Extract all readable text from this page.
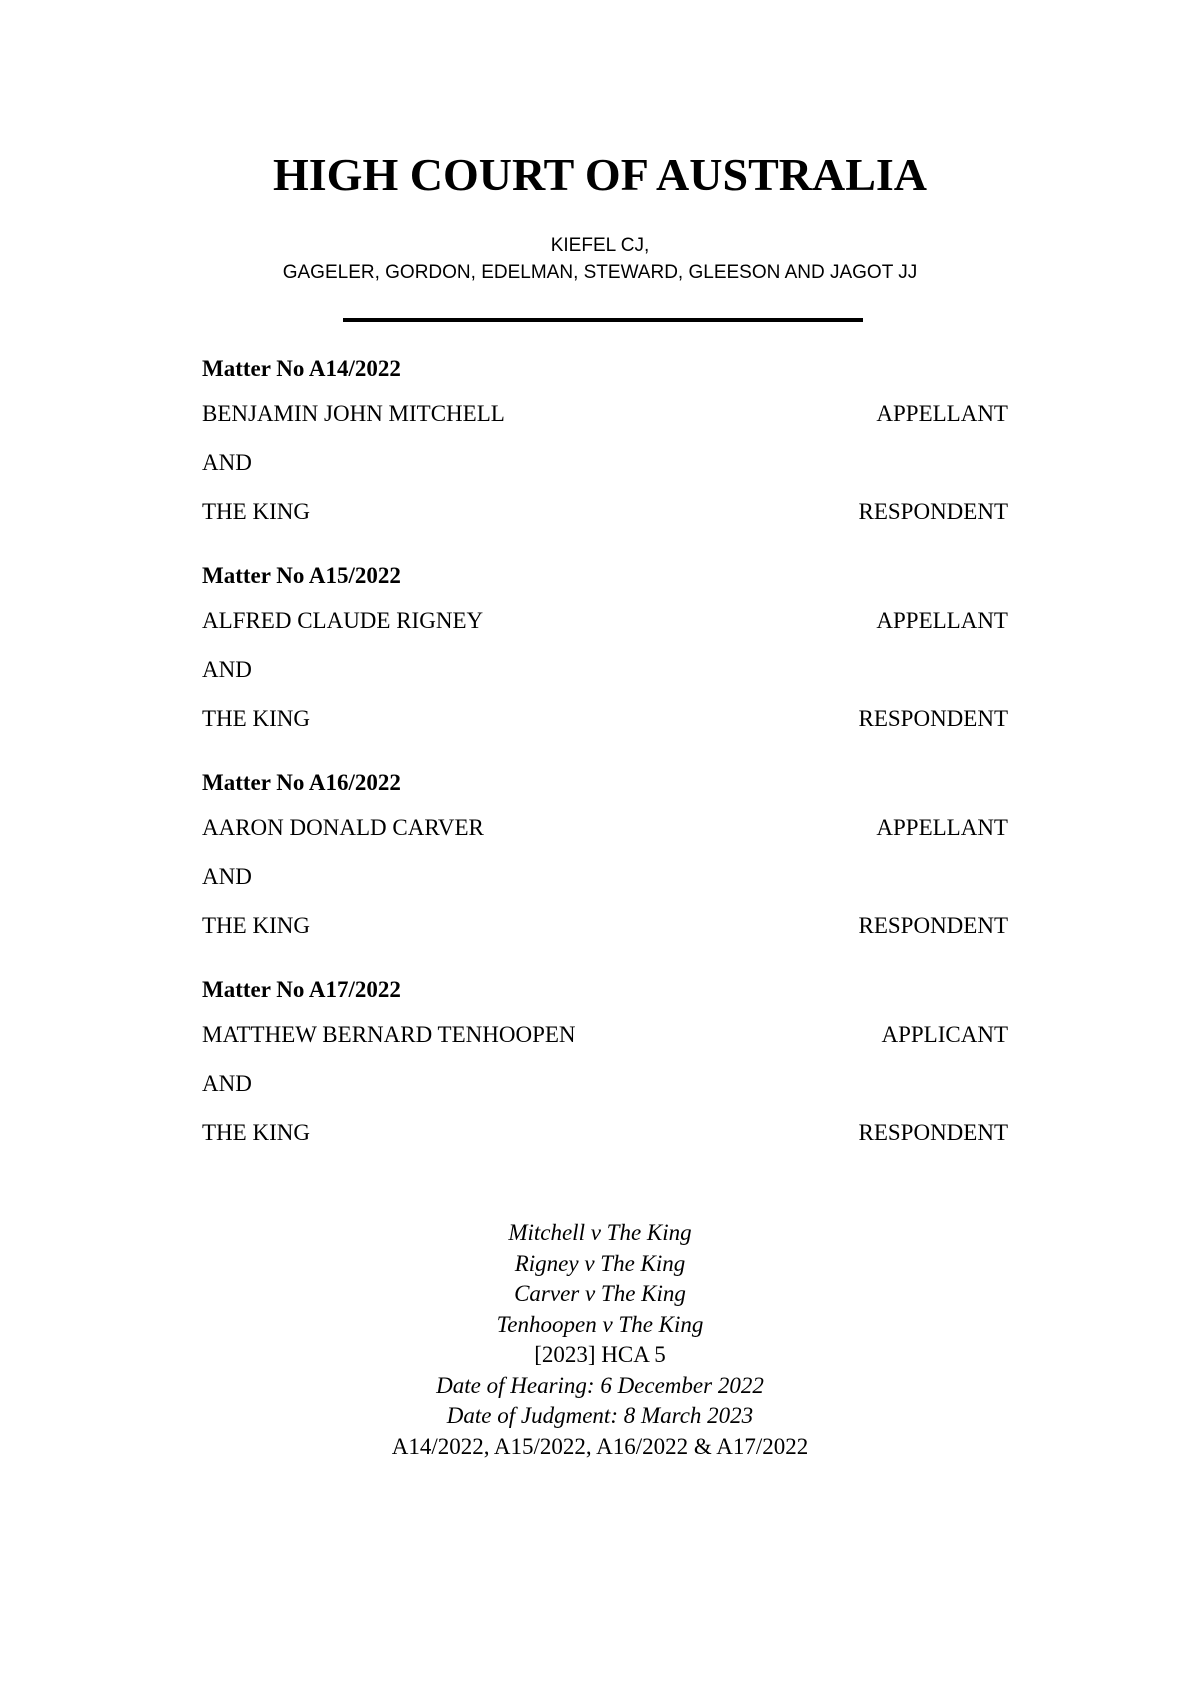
HIGH COURT OF AUSTRALIA
KIEFEL CJ,
GAGELER, GORDON, EDELMAN, STEWARD, GLEESON AND JAGOT JJ
Matter No A14/2022
BENJAMIN JOHN MITCHELL	APPELLANT
AND
THE KING	RESPONDENT
Matter No A15/2022
ALFRED CLAUDE RIGNEY	APPELLANT
AND
THE KING	RESPONDENT
Matter No A16/2022
AARON DONALD CARVER	APPELLANT
AND
THE KING	RESPONDENT
Matter No A17/2022
MATTHEW BERNARD TENHOOPEN	APPLICANT
AND
THE KING	RESPONDENT
Mitchell v The King
Rigney v The King
Carver v The King
Tenhoopen v The King
[2023] HCA 5
Date of Hearing: 6 December 2022
Date of Judgment: 8 March 2023
A14/2022, A15/2022, A16/2022 & A17/2022
